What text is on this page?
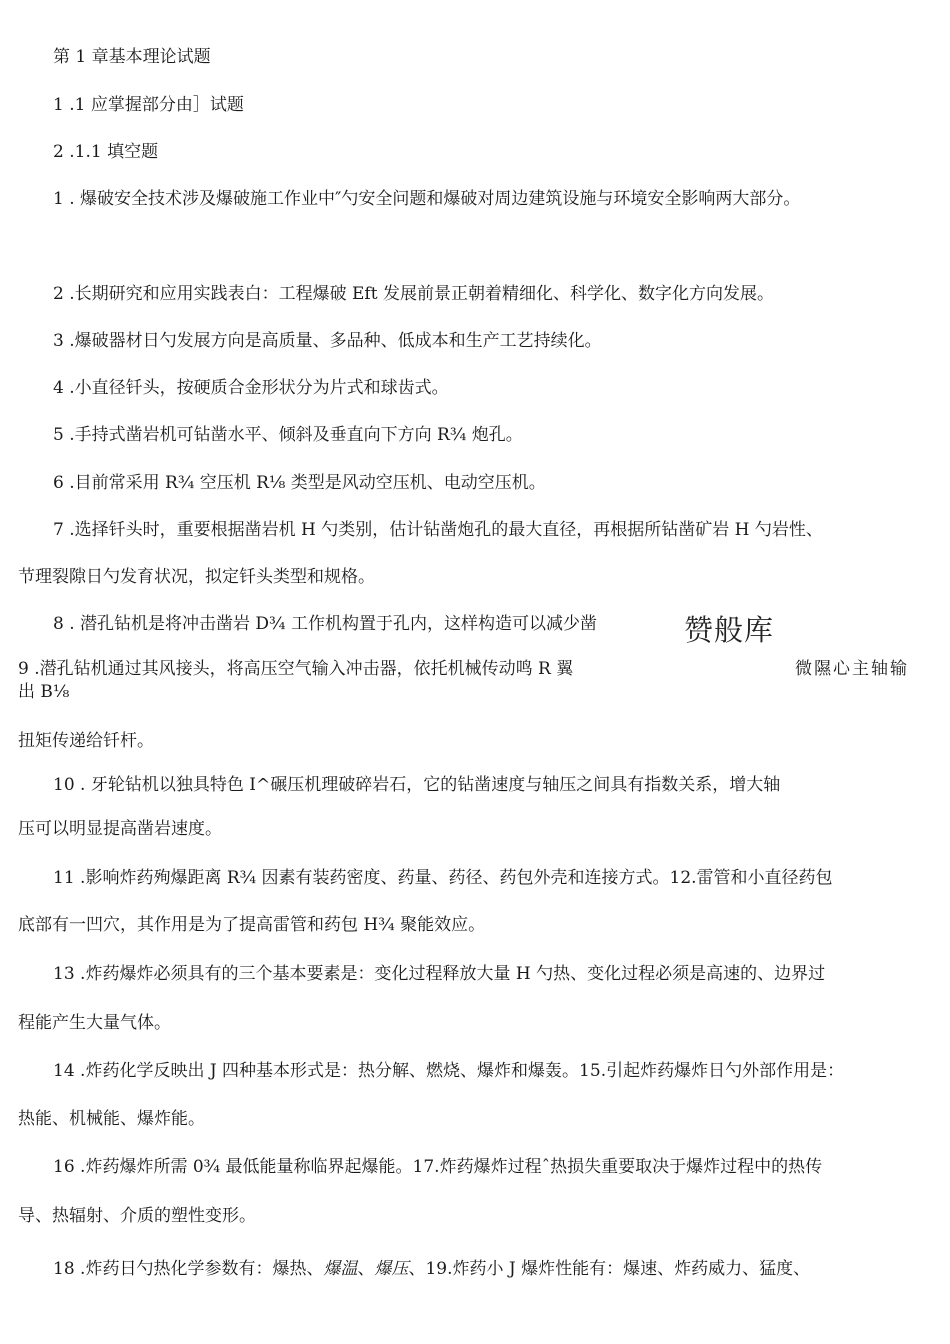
第 1 章基本理论试题
1 .1 应掌握部分由］试题
2 .1.1 填空题
1 . 爆破安全技术涉及爆破施工作业中″勺安全问题和爆破对周边建筑设施与环境安全影响两大部分。
2 .长期研究和应用实践表白：工程爆破 Eft 发展前景正朝着精细化、科学化、数字化方向发展。
3 .爆破器材日勺发展方向是高质量、多品种、低成本和生产工艺持续化。
4 .小直径钎头，按硬质合金形状分为片式和球齿式。
5 .手持式凿岩机可钻凿水平、倾斜及垂直向下方向 R¾ 炮孔。
6 .目前常采用 R¾ 空压机 R⅛ 类型是风动空压机、电动空压机。
7 .选择钎头时，重要根据凿岩机 H 勺类别，估计钻凿炮孔的最大直径，再根据所钻凿矿岩 H 勺岩性、
节理裂隙日勺发育状况，拟定钎头类型和规格。
8 . 潜孔钻机是将冲击凿岩 D¾ 工作机构置于孔内，这样构造可以减少凿	赞般库
9 .潜孔钻机通过其风接头，将高压空气输入冲击器，依托机械传动鸣 R 翼	微隰心主轴输
出 B⅛
扭矩传递给钎杆。
10 . 牙轮钻机以独具特色 I^碾压机理破碎岩石，它的钻凿速度与轴压之间具有指数关系，增大轴
压可以明显提高凿岩速度。
11 .影响炸药殉爆距离 R¾ 因素有装药密度、药量、药径、药包外壳和连接方式。12.雷管和小直径药包
底部有一凹穴，其作用是为了提高雷管和药包 H¾ 聚能效应。
13 .炸药爆炸必须具有的三个基本要素是：变化过程释放大量 H 勺热、变化过程必须是高速的、边界过
程能产生大量气体。
14 .炸药化学反映出 J 四种基本形式是：热分解、燃烧、爆炸和爆轰。15.引起炸药爆炸日勺外部作用是：
热能、机械能、爆炸能。
16 .炸药爆炸所需 0¾ 最低能量称临界起爆能。17.炸药爆炸过程ˆ热损失重要取决于爆炸过程中的热传
导、热辐射、介质的塑性变形。
18 .炸药日勺热化学参数有：爆热、爆温、爆压、19.炸药小 J 爆炸性能有：爆速、炸药威力、猛度、
